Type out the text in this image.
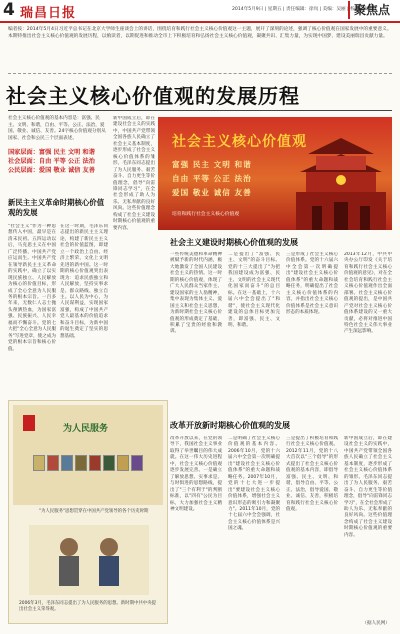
4 瑞昌日报	2014年5月9日 | 星期五 | 责任编辑：徐岚 | 美编：吴丽 | 校对：刘 珺
聚焦点
编者按：2014年5月4日习近平总书记在北京大学师生座谈会上的讲话，围绕培育和践行社会主义核心价值观这一主题，展开了深刻的论述，强调了核心价值观在国家发展中的重要意义。本期特推出社会主义核心价值观的发展历程，以飨读者，以期促进和推动全市上下积极培育和弘扬社会主义核心价值观，凝聚共识、汇集力量，为实现中国梦、建设美丽瑞昌贡献力量。
社会主义核心价值观的发展历程
社会主义核心价值观的基本内容是：富强、民主、文明、和谐，自由、平等、公正、法治，爱国、敬业、诚信、友善。24字核心价值观分别从国家、社会和公民三个层面表述。
国家层面：富强 民主 文明 和谐
社会层面：自由 平等 公正 法治
公民层面：爱国 敬业 诚信 友善
新民主主义革命时期核心价值观的发展
"社会主义"作为一种思想传入中国，最早是在清末民初。五四运动以后，马克思主义在中国广泛传播，中国共产党应运而生。中国共产党在领导新民主主义革命的实践中，确立了以实现民族独立、人民解放为核心的价值目标，形成了全心全意为人民服务的根本宗旨。一百多年来，无数仁人志士抛头颅洒热血，为国家富强、民族振兴、人民幸福而不懈奋斗。党的七大把"全心全意为人民服务"写进党章，使之成为党的根本宗旨和核心价值。
在这一时期，毛泽东同志提出的新民主主义理论，构建了新民主主义社会的价值蓝图，即建立一个政治上自由、经济上繁荣、文化上文明先进的新中国。这一时期的核心价值观突出表现为：追求民族独立和人民解放，坚持实事求是、群众路线、独立自主。以人民为中心，为人民谋利益，实现国家富强，构成了中国共产党人最基本的价值追求和奋斗目标，为新中国的诞生奠定了坚实的思想基础。
新中国成立后，即在建设社会主义的实践中，中国共产党带领全国各族人民确立了社会主义基本制度，逐步形成了社会主义核心价值体系的雏形。毛泽东同志提出了为人民服务、艰苦奋斗、自力更生等价值理念，倡导"向雷锋同志学习"，在全社会形成了助人为乐、无私奉献的良好风尚。这些价值理念构成了社会主义建设时期核心价值观的重要内容。
社会主义核心价值观
富强 民主 文明 和谐
自由 平等 公正 法治
爱国 敬业 诚信 友善
培育和践行社会主义核心价值观
社会主义建设时期核心价值观的发展
一些传统美德和革命精神被赋予新的时代内涵，极大地激发了全国人民建设社会主义的热情。这一时期的核心价值观，体现了广大人民群众当家作主、建设国家的主人翁精神，集中表现为集体主义、爱国主义和社会主义思想，为新时期社会主义核心价值观的形成奠定了基础，积累了宝贵的经验和教训。
二是提出了"富强、民主、文明"的奋斗目标。党的十三大提出了"为把我国建设成为富强、民主、文明的社会主义现代化国家而奋斗"的总目标。在这一基础上，十六届六中全会提出了"和谐"，使社会主义现代化建设的总体目标更加完善，即富强、民主、文明、和谐。
三是形成了社会主义核心价值体系。党的十六届六中全会第一次明确提出"建设社会主义核心价值体系"的重大命题和战略任务，明确提出了社会主义核心价值体系的内容，并指出社会主义核心价值体系是社会主义意识形态的本质体现。
2013年12月，中共中央办公厅印发《关于培育和践行社会主义核心价值观的意见》，对在全社会培育和践行社会主义核心价值观作出全面部署。社会主义核心价值观的提出，是中国共产党对社会主义核心价值体系建设的又一重大贡献，必将对推进中国特色社会主义伟大事业产生深远影响。
改革开放新时期核心价值观的发展
改革开放以来，在党的领导下，我国社会主义事业取得了举世瞩目的伟大成就。在这一伟大历史进程中，社会主义核心价值观逐步发展完善。一是确立了解放思想、实事求是、与时俱进的思想路线，提出了"三个有利于"的判断标准，以"四有"公民为目标，大力加强社会主义精神文明建设。
二是明确了社会主义核心价值观的基本内容。2006年10月，党的十六届六中全会第一次明确提出"建设社会主义核心价值体系"的重大命题和战略任务。2007年10月，党的十七大进一步提出"要建设社会主义核心价值体系，增强社会主义意识形态的吸引力和凝聚力"。2011年10月，党的十七届六中全会强调，社会主义核心价值体系是兴国之魂。
三是提出了积极培育和践行社会主义核心价值观。2012年11月，党的十八大首次以"三个倡导"的形式提出了社会主义核心价值观的基本内容，即倡导富强、民主、文明、和谐，倡导自由、平等、公正、法治，倡导爱国、敬业、诚信、友善，积极培育和践行社会主义核心价值观。
新中国成立后，即在建设社会主义的实践中，中国共产党带领全国各族人民确立了社会主义基本制度，逐步形成了社会主义核心价值体系的雏形。毛泽东同志提出了为人民服务、艰苦奋斗、自力更生等价值理念，倡导"向雷锋同志学习"，在全社会形成了助人为乐、无私奉献的良好风尚。这些价值理念构成了社会主义建设时期核心价值观的重要内容。
（据人民网）
为人民服务
"为人民服务"思想贯穿在中国共产党领导的各个历史时期
2006年3月，毛泽东同志提出了为人民服务的思想。新时期中共中央提出社会主义荣辱观。
